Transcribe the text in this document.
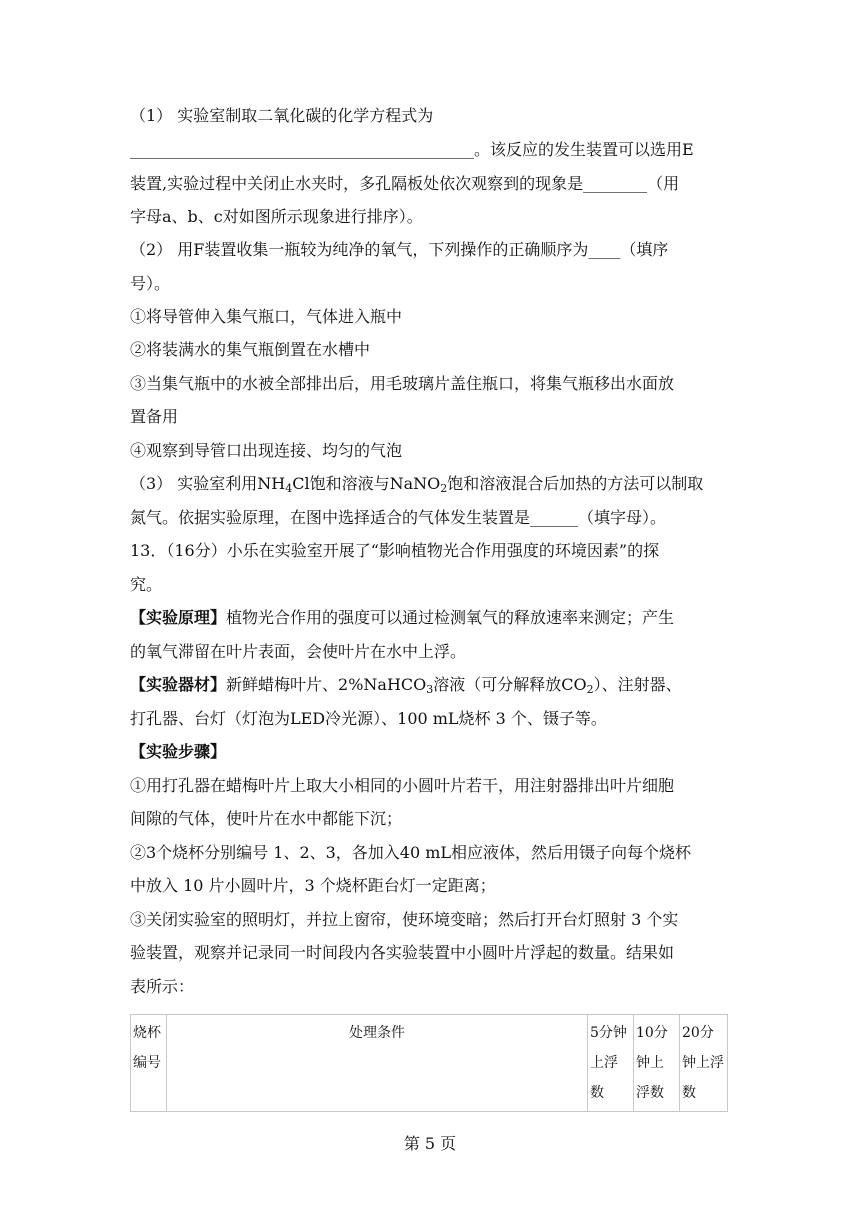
（1） 实验室制取二氧化碳的化学方程式为
___________________________________________。该反应的发生装置可以选用E
装置,实验过程中关闭止水夹时，多孔隔板处依次观察到的现象是________（用
字母a、b、c对如图所示现象进行排序）。
（2） 用F装置收集一瓶较为纯净的氧气，下列操作的正确顺序为____（填序
号）。
①将导管伸入集气瓶口，气体进入瓶中
②将装满水的集气瓶倒置在水槽中
③当集气瓶中的水被全部排出后，用毛玻璃片盖住瓶口，将集气瓶移出水面放
置备用
④观察到导管口出现连接、均匀的气泡
（3） 实验室利用$NH_4Cl$饱和溶液与NaNO$_2$饱和溶液混合后加热的方法可以制取
氮气。依据实验原理，在图中选择适合的气体发生装置是______（填字母）。
13．（16分）小乐在实验室开展了“影响植物光合作用强度的环境因素”的探
究。
【实验原理】植物光合作用的强度可以通过检测氧气的释放速率来测定；产生
的氧气滞留在叶片表面，会使叶片在水中上浮。
【实验器材】新鲜蜡梅叶片、2%NaHCO$_3$溶液（可分解释放$CO_2$）、注射器、
打孔器、台灯（灯泡为LED冷光源）、100 mL烧杯 3 个、镊子等。
【实验步骤】
①用打孔器在蜡梅叶片上取大小相同的小圆叶片若干，用注射器排出叶片细胞
间隙的气体，使叶片在水中都能下沉；
②3个烧杯分别编号 1、2、3，各加入40 mL相应液体，然后用镊子向每个烧杯
中放入 10 片小圆叶片，3 个烧杯距台灯一定距离；
③关闭实验室的照明灯，并拉上窗帘，使环境变暗；然后打开台灯照射 3 个实
验装置，观察并记录同一时间段内各实验装置中小圆叶片浮起的数量。结果如
表所示：
烧杯编号	处理条件	5分钟上浮数	10分钟上浮数	20分钟上浮数
第 5 页
